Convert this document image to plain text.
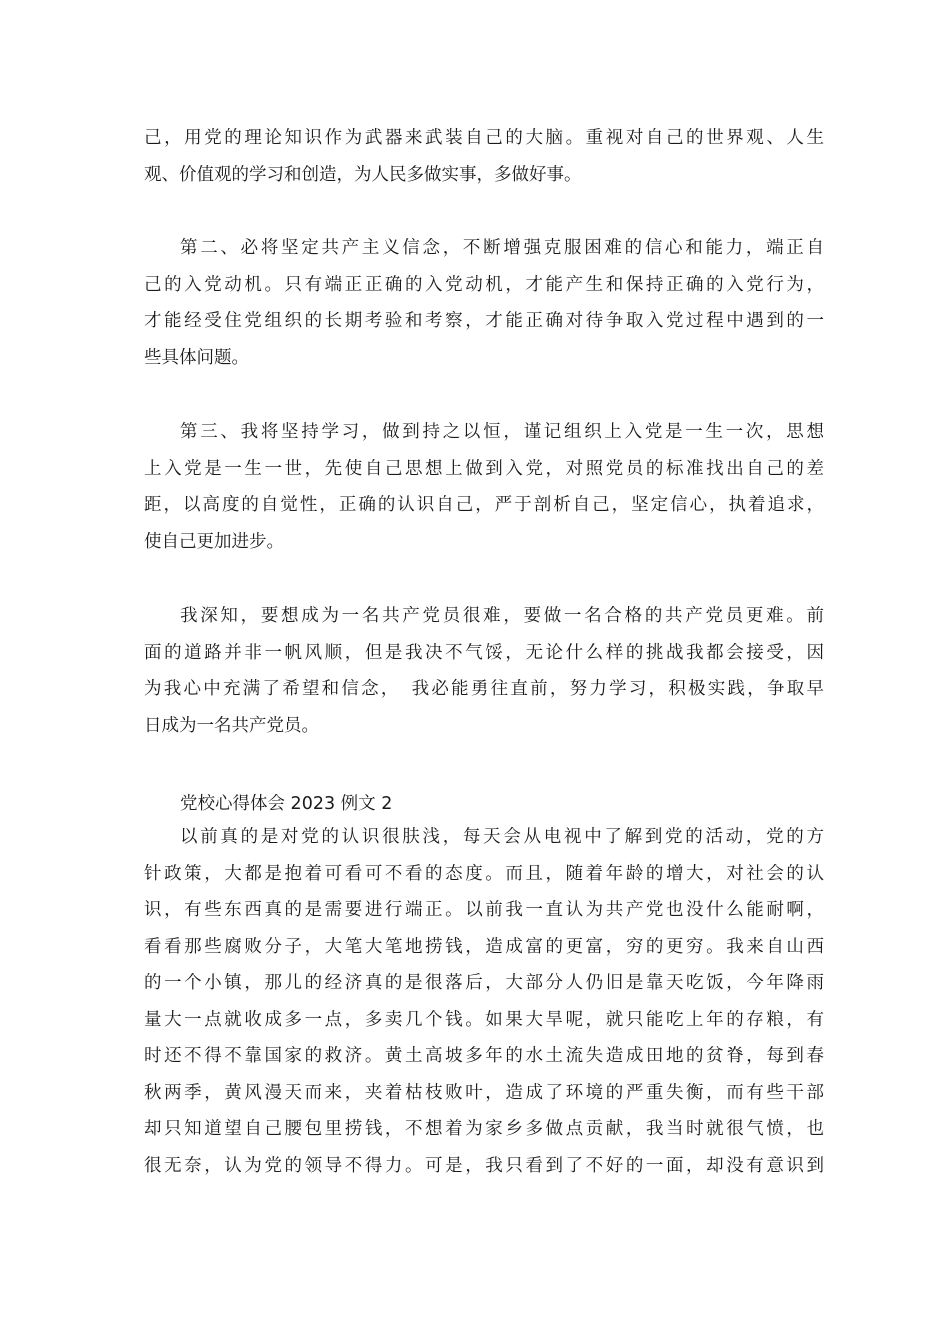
己，用党的理论知识作为武器来武装自己的大脑。重视对自己的世界观、人生
观、价值观的学习和创造，为人民多做实事，多做好事。
第二、必将坚定共产主义信念，不断增强克服困难的信心和能力，端正自
己的入党动机。只有端正正确的入党动机，才能产生和保持正确的入党行为，
才能经受住党组织的长期考验和考察，才能正确对待争取入党过程中遇到的一
些具体问题。
第三、我将坚持学习，做到持之以恒，谨记组织上入党是一生一次，思想
上入党是一生一世，先使自己思想上做到入党，对照党员的标准找出自己的差
距，以高度的自觉性，正确的认识自己，严于剖析自己，坚定信心，执着追求，
使自己更加进步。
我深知，要想成为一名共产党员很难，要做一名合格的共产党员更难。前
面的道路并非一帆风顺，但是我决不气馁，无论什么样的挑战我都会接受，因
为我心中充满了希望和信念，　我必能勇往直前，努力学习，积极实践，争取早
日成为一名共产党员。
党校心得体会 2023 例文 2
以前真的是对党的认识很肤浅，每天会从电视中了解到党的活动，党的方
针政策，大都是抱着可看可不看的态度。而且，随着年龄的增大，对社会的认
识，有些东西真的是需要进行端正。以前我一直认为共产党也没什么能耐啊，
看看那些腐败分子，大笔大笔地捞钱，造成富的更富，穷的更穷。我来自山西
的一个小镇，那儿的经济真的是很落后，大部分人仍旧是靠天吃饭，今年降雨
量大一点就收成多一点，多卖几个钱。如果大旱呢，就只能吃上年的存粮，有
时还不得不靠国家的救济。黄土高坡多年的水土流失造成田地的贫脊，每到春
秋两季，黄风漫天而来，夹着枯枝败叶，造成了环境的严重失衡，而有些干部
却只知道望自己腰包里捞钱，不想着为家乡多做点贡献，我当时就很气愤，也
很无奈，认为党的领导不得力。可是，我只看到了不好的一面，却没有意识到
